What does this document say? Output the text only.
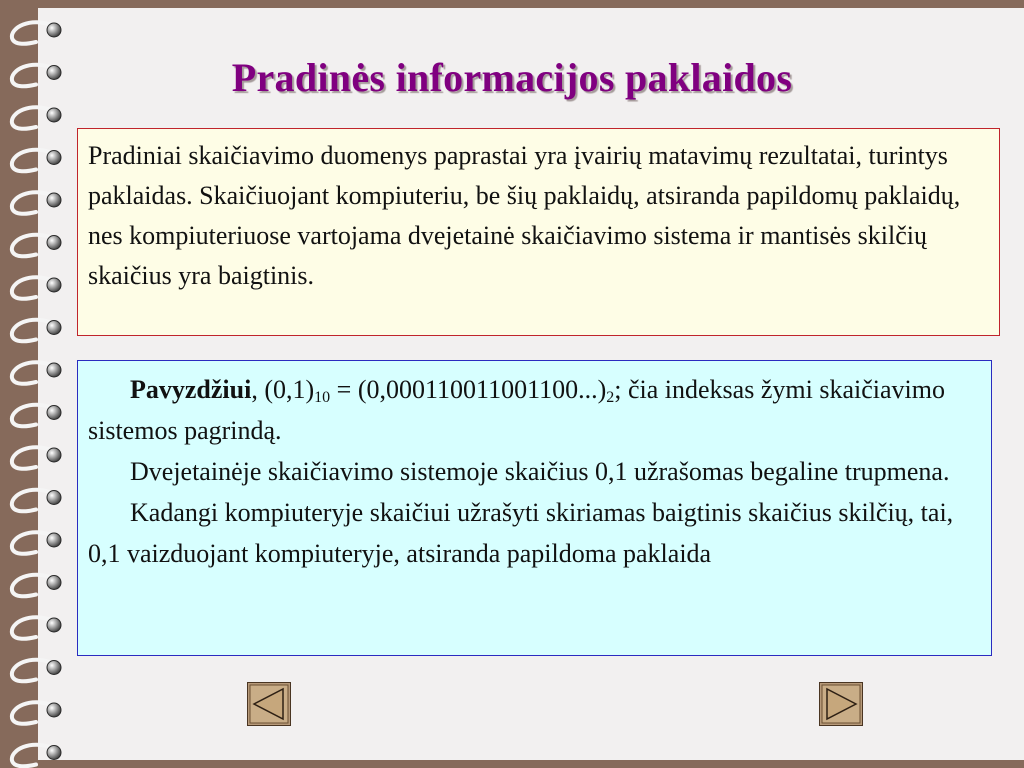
Pradinės informacijos paklaidos
Pradiniai skaičiavimo duomenys paprastai yra įvairių matavimų rezultatai, turintys paklaidas. Skaičiuojant kompiuteriu, be šių paklaidų, atsiranda papildomų paklaidų, nes kompiuteriuose vartojama dvejetainė skaičiavimo sistema ir mantisės skilčių skaičius yra baigtinis.
Pavyzdžiui, $(0,1)_{10} = (0,000110011001100...)_2$; čia indeksas žymi skaičiavimo sistemos pagrindą.
Dvejetainėje skaičiavimo sistemoje skaičius 0,1 užrašomas begaline trupmena.
Kadangi kompiuteryje skaičiui užrašyti skiriamas baigtinis skaičius skilčių, tai, 0,1 vaizduojant kompiuteryje, atsiranda papildoma paklaida
